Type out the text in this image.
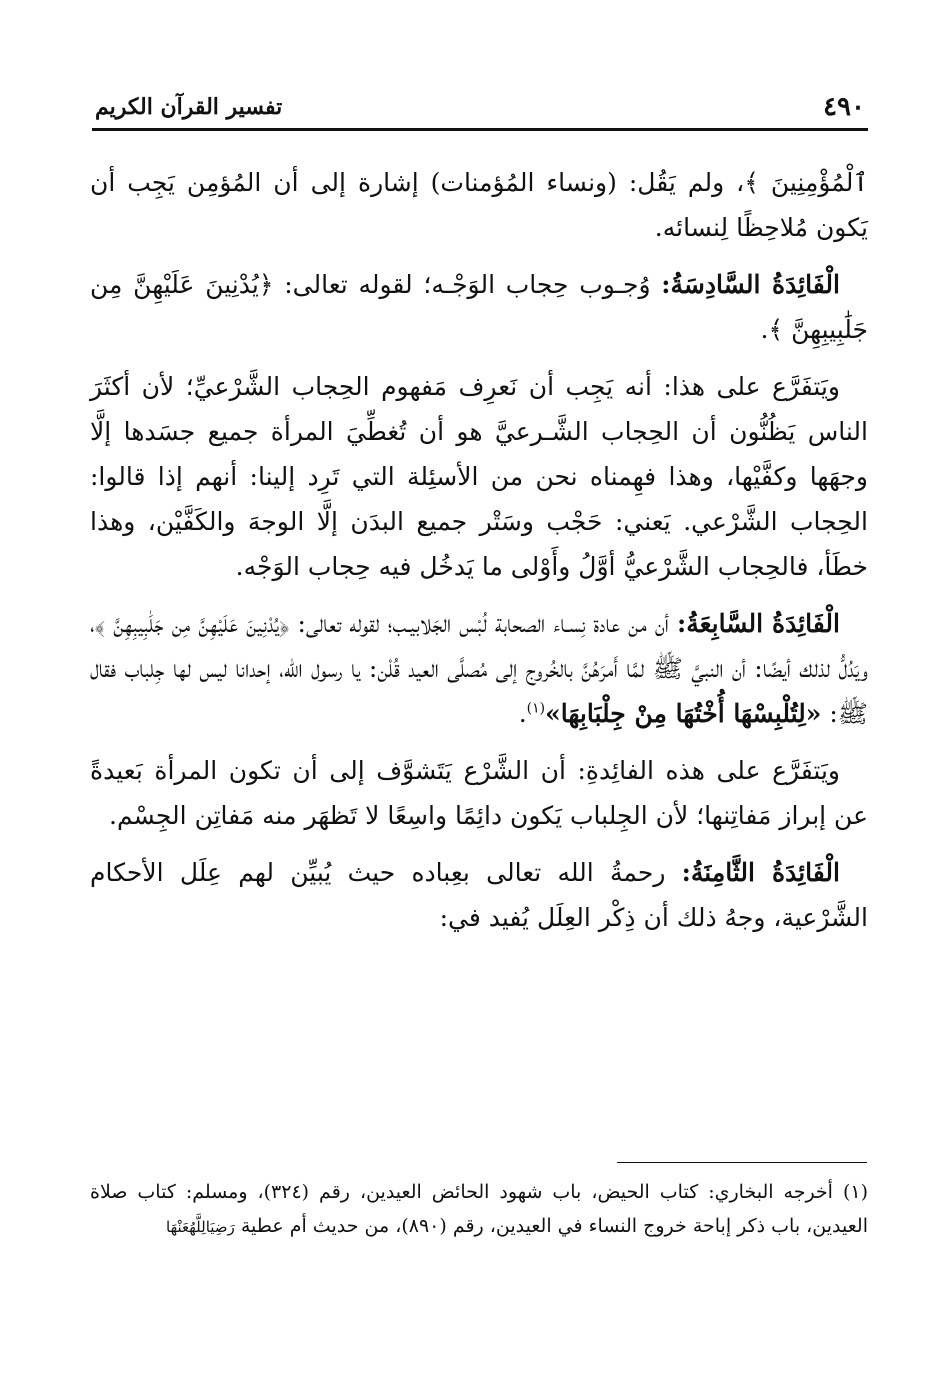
٤٩٠
تفسير القرآن الكريم

ٱلْمُؤْمِنِينَ ﴾، ولم يَقُل: (ونساء المُؤمنات) إشارة إلى أن المُؤمِن يَجِب أن يَكون مُلاحِظًا لِنسائه.

الْفَائِدَةُ السَّادِسَةُ: وُجـوب حِجاب الوَجْـه؛ لقوله تعالى: ﴿يُدْنِينَ عَلَيْهِنَّ مِن جَلَٰبِيبِهِنَّ ﴾.

ويَتفَرَّع على هذا: أنه يَجِب أن نَعرِف مَفهوم الحِجاب الشَّرْعيِّ؛ لأن أكثَرَ الناس يَظُنُّون أن الحِجاب الشَّـرعيَّ هو أن تُغطِّيَ المرأة جميع جسَدها إلَّا وجهَها وكفَّيْها، وهذا فهِمناه نحن من الأسئِلة التي تَرِد إلينا: أنهم إذا قالوا: الحِجاب الشَّرْعي. يَعني: حَجْب وسَتْر جميع البدَن إلَّا الوجهَ والكَفَّيْن، وهذا خطَأ، فالحِجاب الشَّرْعيُّ أوَّلُ وأَوْلى ما يَدخُل فيه حِجاب الوَجْه.

الْفَائِدَةُ السَّابِعَةُ: أن من عادة نِسـاء الصحابة لُبْس الجَلابيـب؛ لقوله تعالى: ﴿يُدْنِينَ عَلَيْهِنَّ مِن جَلَٰبِيبِهِنَّ ﴾، ويَدُلُّ لذلك أيضًا: أن النبيَّ ﷺ لمَّا أَمرَهُنَّ بالخُروج إلى مُصلَّى العيد قُلْن: يا رسول الله، إحدانا ليس لها جِلباب فقال ﷺ: «لِتُلْبِسْهَا أُخْتُهَا مِنْ جِلْبَابِهَا»$^{(١)}$.

ويَتفَرَّع على هذه الفائِدةِ: أن الشَّرْع يَتَشوَّف إلى أن تكون المرأة بَعيدةً عن إبراز مَفاتِنها؛ لأن الجِلباب يَكون دائِمًا واسِعًا لا تَظهَر منه مَفاتِن الجِسْم.

الْفَائِدَةُ الثَّامِنَةُ: رحمةُ الله تعالى بعِباده حيث يُبيِّن لهم عِلَل الأحكام الشَّرْعية، وجهُ ذلك أن ذِكْر العِلَل يُفيد في:

(١) أخرجه البخاري: كتاب الحيض، باب شهود الحائض العيدين، رقم (٣٢٤)، ومسلم: كتاب صلاة العيدين، باب ذكر إباحة خروج النساء في العيدين، رقم (٨٩٠)، من حديث أم عطية رَضِيَالِلَّهُعَنْهَا
